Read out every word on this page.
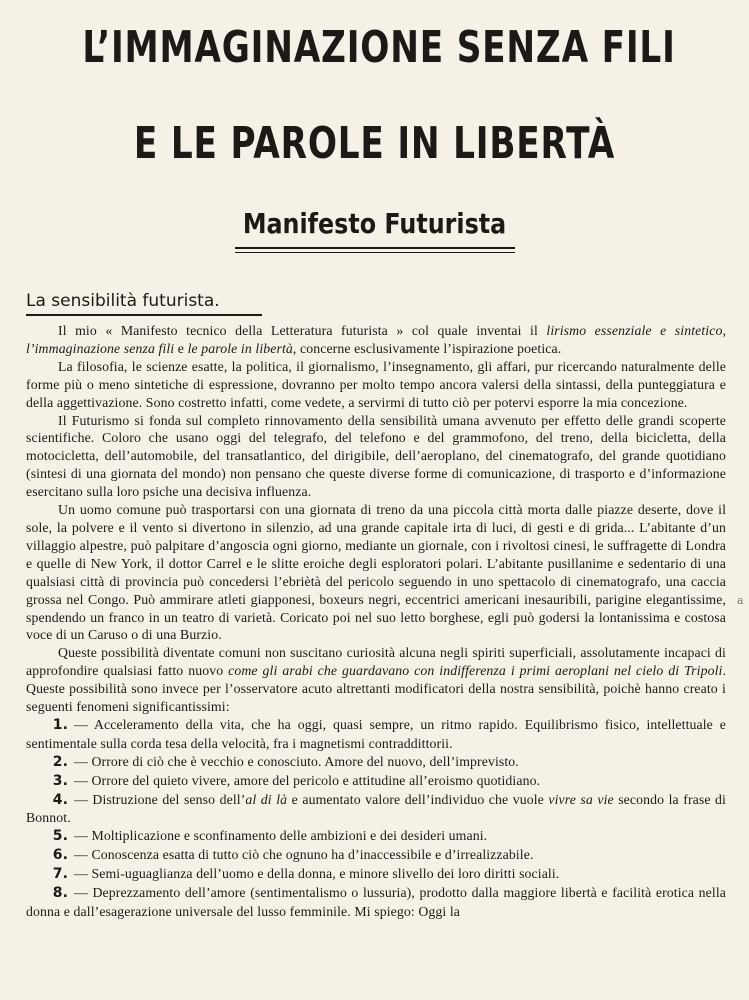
L’IMMAGINAZIONE SENZA FILI
E LE PAROLE IN LIBERTÀ
Manifesto Futurista
La sensibilità futurista.

Il mio « Manifesto tecnico della Letteratura futurista » col quale inventai il lirismo essenziale e sintetico, l’immaginazione senza fili e le parole in libertà, concerne esclusivamente l’ispirazione poetica.

La filosofia, le scienze esatte, la politica, il giornalismo, l’insegnamento, gli affari, pur ricercando naturalmente delle forme più o meno sintetiche di espressione, dovranno per molto tempo ancora valersi della sintassi, della punteggiatura e della aggettivazione. Sono costretto infatti, come vedete, a servirmi di tutto ciò per potervi esporre la mia concezione.

Il Futurismo si fonda sul completo rinnovamento della sensibilità umana avvenuto per effetto delle grandi scoperte scientifiche. Coloro che usano oggi del telegrafo, del telefono e del grammofono, del treno, della bicicletta, della motocicletta, dell’automobile, del transatlantico, del dirigibile, dell’aeroplano, del cinematografo, del grande quotidiano (sintesi di una giornata del mondo) non pensano che queste diverse forme di comunicazione, di trasporto e d’informazione esercitano sulla loro psiche una decisiva influenza.

Un uomo comune può trasportarsi con una giornata di treno da una piccola città morta dalle piazze deserte, dove il sole, la polvere e il vento si divertono in silenzio, ad una grande capitale irta di luci, di gesti e di grida... L’abitante d’un villaggio alpestre, può palpitare d’angoscia ogni giorno, mediante un giornale, con i rivoltosi cinesi, le suffragette di Londra e quelle di New York, il dottor Carrel e le slitte eroiche degli esploratori polari. L’abitante pusillanime e sedentario di una qualsiasi città di provincia può concedersi l’ebriètà del pericolo seguendo in uno spettacolo di cinematografo, una caccia grossa nel Congo. Può ammirare atleti giapponesi, boxeurs negri, eccentrici americani inesauribili, parigine elegantissime, spendendo un franco in un teatro di varietà. Coricato poi nel suo letto borghese, egli può godersi la lontanissima e costosa voce di un Caruso o di una Burzio.

Queste possibilità diventate comuni non suscitano curiosità alcuna negli spiriti superficiali, assolutamente incapaci di approfondire qualsiasi fatto nuovo come gli arabi che guardavano con indifferenza i primi aeroplani nel cielo di Tripoli. Queste possibilità sono invece per l’osservatore acuto altrettanti modificatori della nostra sensibilità, poichè hanno creato i seguenti fenomeni significantissimi:

1. — Acceleramento della vita, che ha oggi, quasi sempre, un ritmo rapido. Equilibrismo fisico, intellettuale e sentimentale sulla corda tesa della velocità, fra i magnetismi contraddittorii.

2. — Orrore di ciò che è vecchio e conosciuto. Amore del nuovo, dell’imprevisto.

3. — Orrore del quieto vivere, amore del pericolo e attitudine all’eroismo quotidiano.

4. — Distruzione del senso dell’al di là e aumentato valore dell’individuo che vuole vivre sa vie secondo la frase di Bonnot.

5. — Moltiplicazione e sconfinamento delle ambizioni e dei desideri umani.

6. — Conoscenza esatta di tutto ciò che ognuno ha d’inaccessibile e d’irrealizzabile.

7. — Semi-uguaglianza dell’uomo e della donna, e minore slivello dei loro diritti sociali.

8. — Deprezzamento dell’amore (sentimentalismo o lussuria), prodotto dalla maggiore libertà e facilità erotica nella donna e dall’esagerazione universale del lusso femminile. Mi spiego: Oggi la

a
